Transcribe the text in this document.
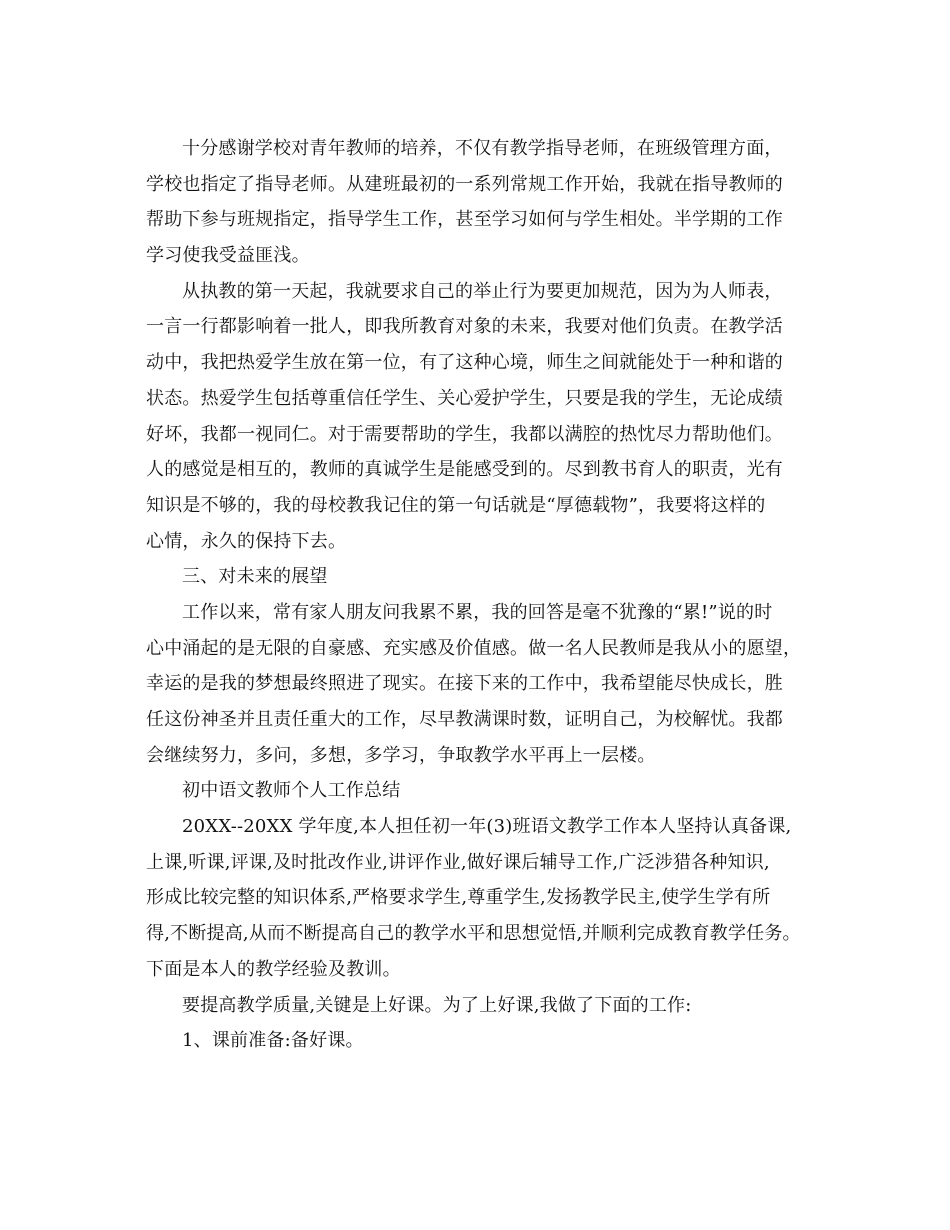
十分感谢学校对青年教师的培养，不仅有教学指导老师，在班级管理方面，
学校也指定了指导老师。从建班最初的一系列常规工作开始，我就在指导教师的
帮助下参与班规指定，指导学生工作，甚至学习如何与学生相处。半学期的工作
学习使我受益匪浅。
从执教的第一天起，我就要求自己的举止行为要更加规范，因为为人师表，
一言一行都影响着一批人，即我所教育对象的未来，我要对他们负责。在教学活
动中，我把热爱学生放在第一位，有了这种心境，师生之间就能处于一种和谐的
状态。热爱学生包括尊重信任学生、关心爱护学生，只要是我的学生，无论成绩
好坏，我都一视同仁。对于需要帮助的学生，我都以满腔的热忱尽力帮助他们。
人的感觉是相互的，教师的真诚学生是能感受到的。尽到教书育人的职责，光有
知识是不够的，我的母校教我记住的第一句话就是“厚德载物”，我要将这样的
心情，永久的保持下去。
三、对未来的展望
工作以来，常有家人朋友问我累不累，我的回答是毫不犹豫的“累!”说的时
心中涌起的是无限的自豪感、充实感及价值感。做一名人民教师是我从小的愿望，
幸运的是我的梦想最终照进了现实。在接下来的工作中，我希望能尽快成长，胜
任这份神圣并且责任重大的工作，尽早教满课时数，证明自己，为校解忧。我都
会继续努力，多问，多想，多学习，争取教学水平再上一层楼。
初中语文教师个人工作总结
20XX--20XX 学年度,本人担任初一年(3)班语文教学工作本人坚持认真备课,
上课,听课,评课,及时批改作业,讲评作业,做好课后辅导工作,广泛涉猎各种知识,
形成比较完整的知识体系,严格要求学生,尊重学生,发扬教学民主,使学生学有所
得,不断提高,从而不断提高自己的教学水平和思想觉悟,并顺利完成教育教学任务。
下面是本人的教学经验及教训。
要提高教学质量,关键是上好课。为了上好课,我做了下面的工作:
1、课前准备:备好课。
